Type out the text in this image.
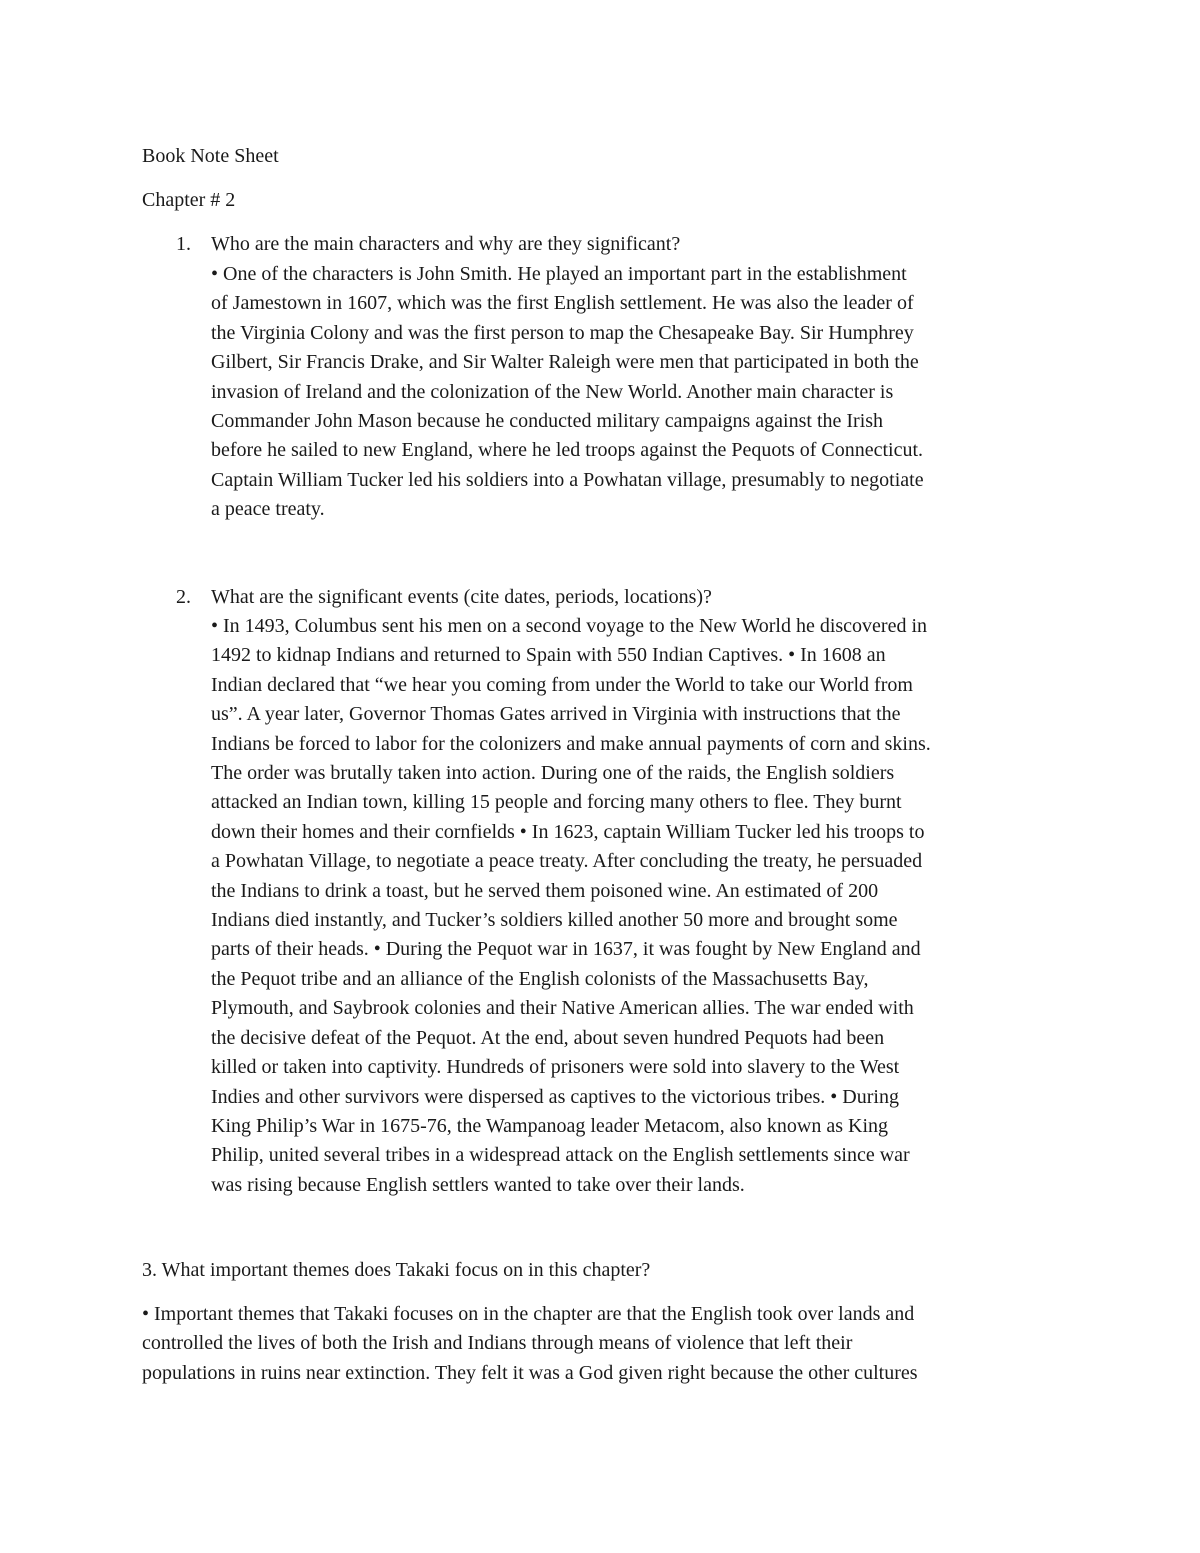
Book Note Sheet

Chapter # 2

1.	Who are the main characters and why are they significant?
• One of the characters is John Smith. He played an important part in the establishment
of Jamestown in 1607, which was the first English settlement. He was also the leader of
the Virginia Colony and was the first person to map the Chesapeake Bay. Sir Humphrey
Gilbert, Sir Francis Drake, and Sir Walter Raleigh were men that participated in both the
invasion of Ireland and the colonization of the New World. Another main character is
Commander John Mason because he conducted military campaigns against the Irish
before he sailed to new England, where he led troops against the Pequots of Connecticut.
Captain William Tucker led his soldiers into a Powhatan village, presumably to negotiate
a peace treaty.
2.	What are the significant events (cite dates, periods, locations)?
• In 1493, Columbus sent his men on a second voyage to the New World he discovered in
1492 to kidnap Indians and returned to Spain with 550 Indian Captives. • In 1608 an
Indian declared that “we hear you coming from under the World to take our World from
us”. A year later, Governor Thomas Gates arrived in Virginia with instructions that the
Indians be forced to labor for the colonizers and make annual payments of corn and skins.
The order was brutally taken into action. During one of the raids, the English soldiers
attacked an Indian town, killing 15 people and forcing many others to flee. They burnt
down their homes and their cornfields • In 1623, captain William Tucker led his troops to
a Powhatan Village, to negotiate a peace treaty. After concluding the treaty, he persuaded
the Indians to drink a toast, but he served them poisoned wine. An estimated of 200
Indians died instantly, and Tucker’s soldiers killed another 50 more and brought some
parts of their heads. • During the Pequot war in 1637, it was fought by New England and
the Pequot tribe and an alliance of the English colonists of the Massachusetts Bay,
Plymouth, and Saybrook colonies and their Native American allies. The war ended with
the decisive defeat of the Pequot. At the end, about seven hundred Pequots had been
killed or taken into captivity. Hundreds of prisoners were sold into slavery to the West
Indies and other survivors were dispersed as captives to the victorious tribes. • During
King Philip’s War in 1675-76, the Wampanoag leader Metacom, also known as King
Philip, united several tribes in a widespread attack on the English settlements since war
was rising because English settlers wanted to take over their lands.
3. What important themes does Takaki focus on in this chapter?
• Important themes that Takaki focuses on in the chapter are that the English took over lands and
controlled the lives of both the Irish and Indians through means of violence that left their
populations in ruins near extinction. They felt it was a God given right because the other cultures
